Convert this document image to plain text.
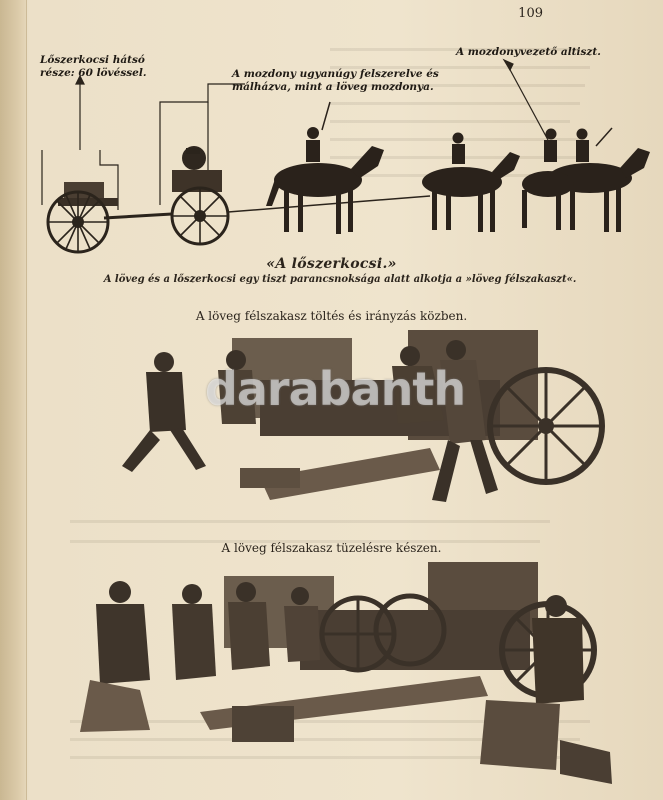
109
Lőszerkocsi hátsó része: 60 lövéssel.	A mozdony ugyanúgy felszerelve és málházva, mint a löveg mozdonya.
A mozdonyvezető altiszt.
«A lőszerkocsi.»
A löveg és a lőszerkocsi egy tiszt parancsnoksága alatt alkotja a »löveg félszakaszt«.
A löveg félszakasz töltés és irányzás közben.
darabanth
A löveg félszakasz tüzelésre készen.
